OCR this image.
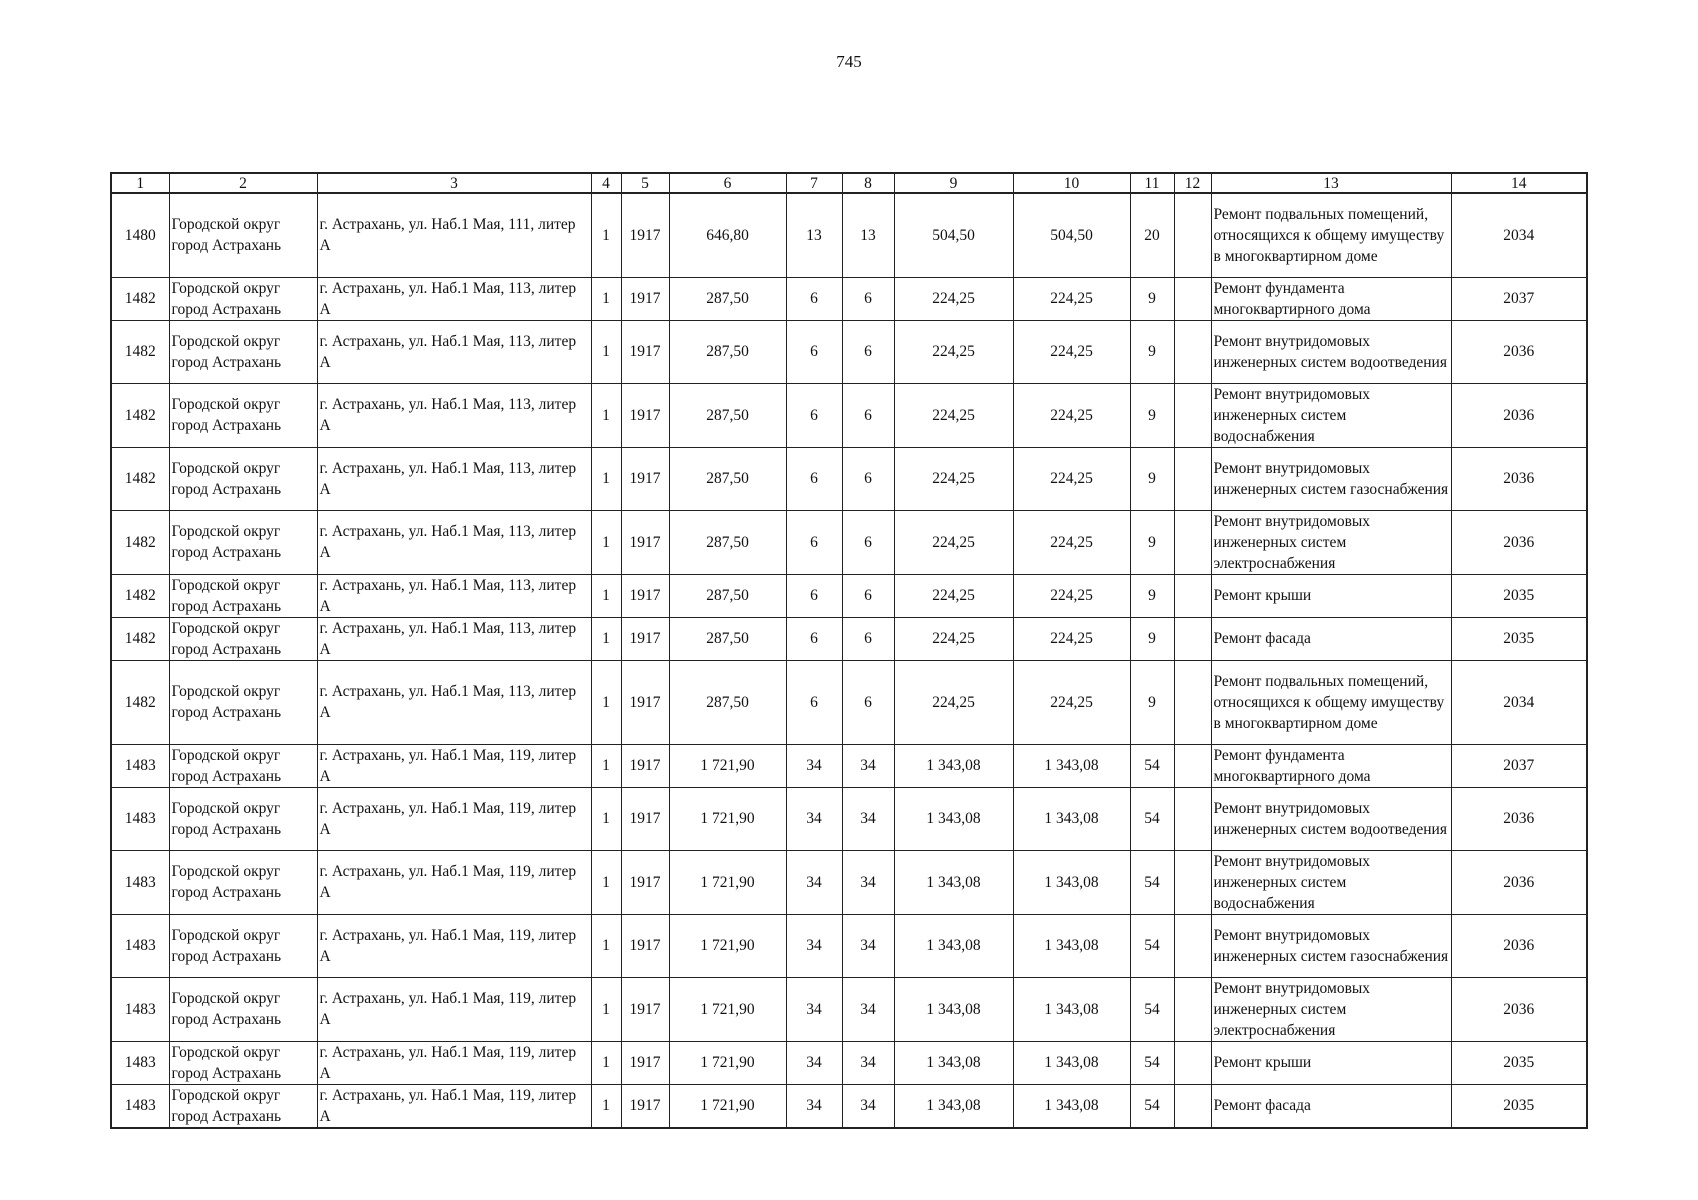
745
1	2	3	4	5	6	7	8	9	10	11	12	13	14
1480	Городской округ город Астрахань	г. Астрахань, ул. Наб.1 Мая, 111, литер А	1	1917	646,80	13	13	504,50	504,50	20		Ремонт подвальных помещений, относящихся к общему имуществу в многоквартирном доме	2034
1482	Городской округ город Астрахань	г. Астрахань, ул. Наб.1 Мая, 113, литер А	1	1917	287,50	6	6	224,25	224,25	9		Ремонт фундамента многоквартирного дома	2037
1482	Городской округ город Астрахань	г. Астрахань, ул. Наб.1 Мая, 113, литер А	1	1917	287,50	6	6	224,25	224,25	9		Ремонт внутридомовых инженерных систем водоотведения	2036
1482	Городской округ город Астрахань	г. Астрахань, ул. Наб.1 Мая, 113, литер А	1	1917	287,50	6	6	224,25	224,25	9		Ремонт внутридомовых инженерных систем водоснабжения	2036
1482	Городской округ город Астрахань	г. Астрахань, ул. Наб.1 Мая, 113, литер А	1	1917	287,50	6	6	224,25	224,25	9		Ремонт внутридомовых инженерных систем газоснабжения	2036
1482	Городской округ город Астрахань	г. Астрахань, ул. Наб.1 Мая, 113, литер А	1	1917	287,50	6	6	224,25	224,25	9		Ремонт внутридомовых инженерных систем электроснабжения	2036
1482	Городской округ город Астрахань	г. Астрахань, ул. Наб.1 Мая, 113, литер А	1	1917	287,50	6	6	224,25	224,25	9		Ремонт крыши	2035
1482	Городской округ город Астрахань	г. Астрахань, ул. Наб.1 Мая, 113, литер А	1	1917	287,50	6	6	224,25	224,25	9		Ремонт фасада	2035
1482	Городской округ город Астрахань	г. Астрахань, ул. Наб.1 Мая, 113, литер А	1	1917	287,50	6	6	224,25	224,25	9		Ремонт подвальных помещений, относящихся к общему имуществу в многоквартирном доме	2034
1483	Городской округ город Астрахань	г. Астрахань, ул. Наб.1 Мая, 119, литер А	1	1917	1 721,90	34	34	1 343,08	1 343,08	54		Ремонт фундамента многоквартирного дома	2037
1483	Городской округ город Астрахань	г. Астрахань, ул. Наб.1 Мая, 119, литер А	1	1917	1 721,90	34	34	1 343,08	1 343,08	54		Ремонт внутридомовых инженерных систем водоотведения	2036
1483	Городской округ город Астрахань	г. Астрахань, ул. Наб.1 Мая, 119, литер А	1	1917	1 721,90	34	34	1 343,08	1 343,08	54		Ремонт внутридомовых инженерных систем водоснабжения	2036
1483	Городской округ город Астрахань	г. Астрахань, ул. Наб.1 Мая, 119, литер А	1	1917	1 721,90	34	34	1 343,08	1 343,08	54		Ремонт внутридомовых инженерных систем газоснабжения	2036
1483	Городской округ город Астрахань	г. Астрахань, ул. Наб.1 Мая, 119, литер А	1	1917	1 721,90	34	34	1 343,08	1 343,08	54		Ремонт внутридомовых инженерных систем электроснабжения	2036
1483	Городской округ город Астрахань	г. Астрахань, ул. Наб.1 Мая, 119, литер А	1	1917	1 721,90	34	34	1 343,08	1 343,08	54		Ремонт крыши	2035
1483	Городской округ город Астрахань	г. Астрахань, ул. Наб.1 Мая, 119, литер А	1	1917	1 721,90	34	34	1 343,08	1 343,08	54		Ремонт фасада	2035
